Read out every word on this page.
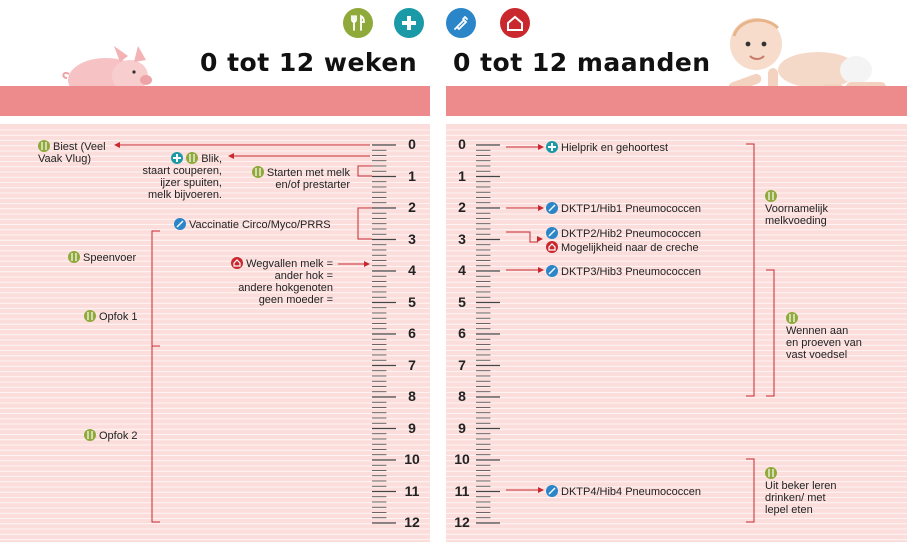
0 tot 12 weken 0 tot 12 maanden
0
1
2
3
4
5
6
7
8
9
10
11
12
0
1
2
3
4
5
6
7
8
9
10
11
12
Biest (Veel
Vaak Vlug)	Blik,
staart couperen,
ijzer spuiten,
melk bijvoeren.
Starten met melk
en/of prestarter
Vaccinatie Circo/Myco/PRRS
Speenvoer	Wegvallen melk =
ander hok =
andere hokgenoten
geen moeder =
Opfok 1
Opfok 2
Hielprik en gehoortest
DKTP1/Hib1 Pneumococcen
DKTP2/Hib2 Pneumococcen
Mogelijkheid naar de creche
DKTP3/Hib3 Pneumococcen
DKTP4/Hib4 Pneumococcen

Voornamelijk
melkvoeding

Wennen aan
en proeven van
vast voedsel

Uit beker leren
drinken/ met
lepel eten
